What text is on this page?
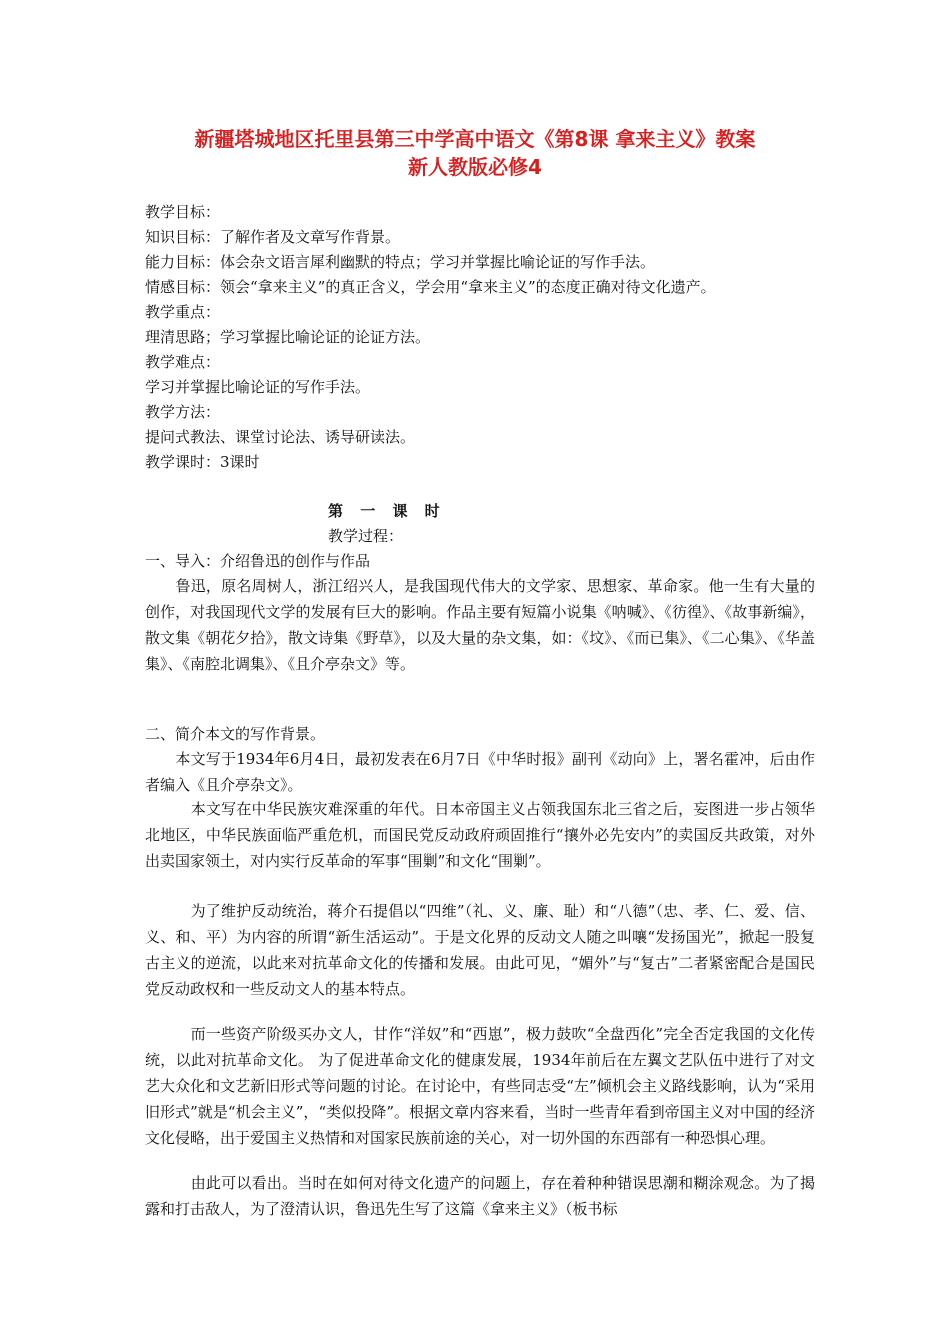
新疆塔城地区托里县第三中学高中语文《第8课 拿来主义》教案
新人教版必修4
教学目标：
知识目标：了解作者及文章写作背景。
能力目标：体会杂文语言犀利幽默的特点；学习并掌握比喻论证的写作手法。
情感目标：领会“拿来主义”的真正含义，学会用“拿来主义”的态度正确对待文化遗产。
教学重点：
理清思路；学习掌握比喻论证的论证方法。
教学难点：
学习并掌握比喻论证的写作手法。
教学方法：
提问式教法、课堂讨论法、诱导研读法。
教学课时：3课时
第 一 课 时
教学过程：
一、导入：介绍鲁迅的创作与作品
　　鲁迅，原名周树人，浙江绍兴人，是我国现代伟大的文学家、思想家、革命家。他一生有大量的创作，对我国现代文学的发展有巨大的影响。作品主要有短篇小说集《呐喊》、《彷徨》、《故事新编》，散文集《朝花夕拾》，散文诗集《野草》，以及大量的杂文集，如：《坟》、《而已集》、《二心集》、《华盖集》、《南腔北调集》、《且介亭杂文》等。
二、简介本文的写作背景。
　　本文写于1934年6月4日，最初发表在6月7日《中华时报》副刊《动向》上，署名霍冲，后由作者编入《且介亭杂文》。
　　　本文写在中华民族灾难深重的年代。日本帝国主义占领我国东北三省之后，妄图进一步占领华北地区，中华民族面临严重危机，而国民党反动政府顽固推行“攘外必先安内”的卖国反共政策，对外出卖国家领土，对内实行反革命的军事“围剿”和文化“围剿”。
　　　为了维护反动统治，蒋介石提倡以“四维”（礼、义、廉、耻）和“八德”（忠、孝、仁、爱、信、义、和、平）为内容的所谓“新生活运动”。于是文化界的反动文人随之叫嚷“发扬国光”，掀起一股复古主义的逆流，以此来对抗革命文化的传播和发展。由此可见，“媚外”与“复古”二者紧密配合是国民党反动政权和一些反动文人的基本特点。
　　　而一些资产阶级买办文人，甘作“洋奴”和“西崽”，极力鼓吹“全盘西化”完全否定我国的文化传统，以此对抗革命文化。 为了促进革命文化的健康发展，1934年前后在左翼文艺队伍中进行了对文艺大众化和文艺新旧形式等问题的讨论。在讨论中，有些同志受“左”倾机会主义路线影响，认为“采用旧形式”就是“机会主义”，“类似投降”。根据文章内容来看，当时一些青年看到帝国主义对中国的经济文化侵略，出于爱国主义热情和对国家民族前途的关心，对一切外国的东西部有一种恐惧心理。
　　　由此可以看出。当时在如何对待文化遗产的问题上，存在着种种错误思潮和糊涂观念。为了揭露和打击敌人，为了澄清认识，鲁迅先生写了这篇《拿来主义》（板书标
